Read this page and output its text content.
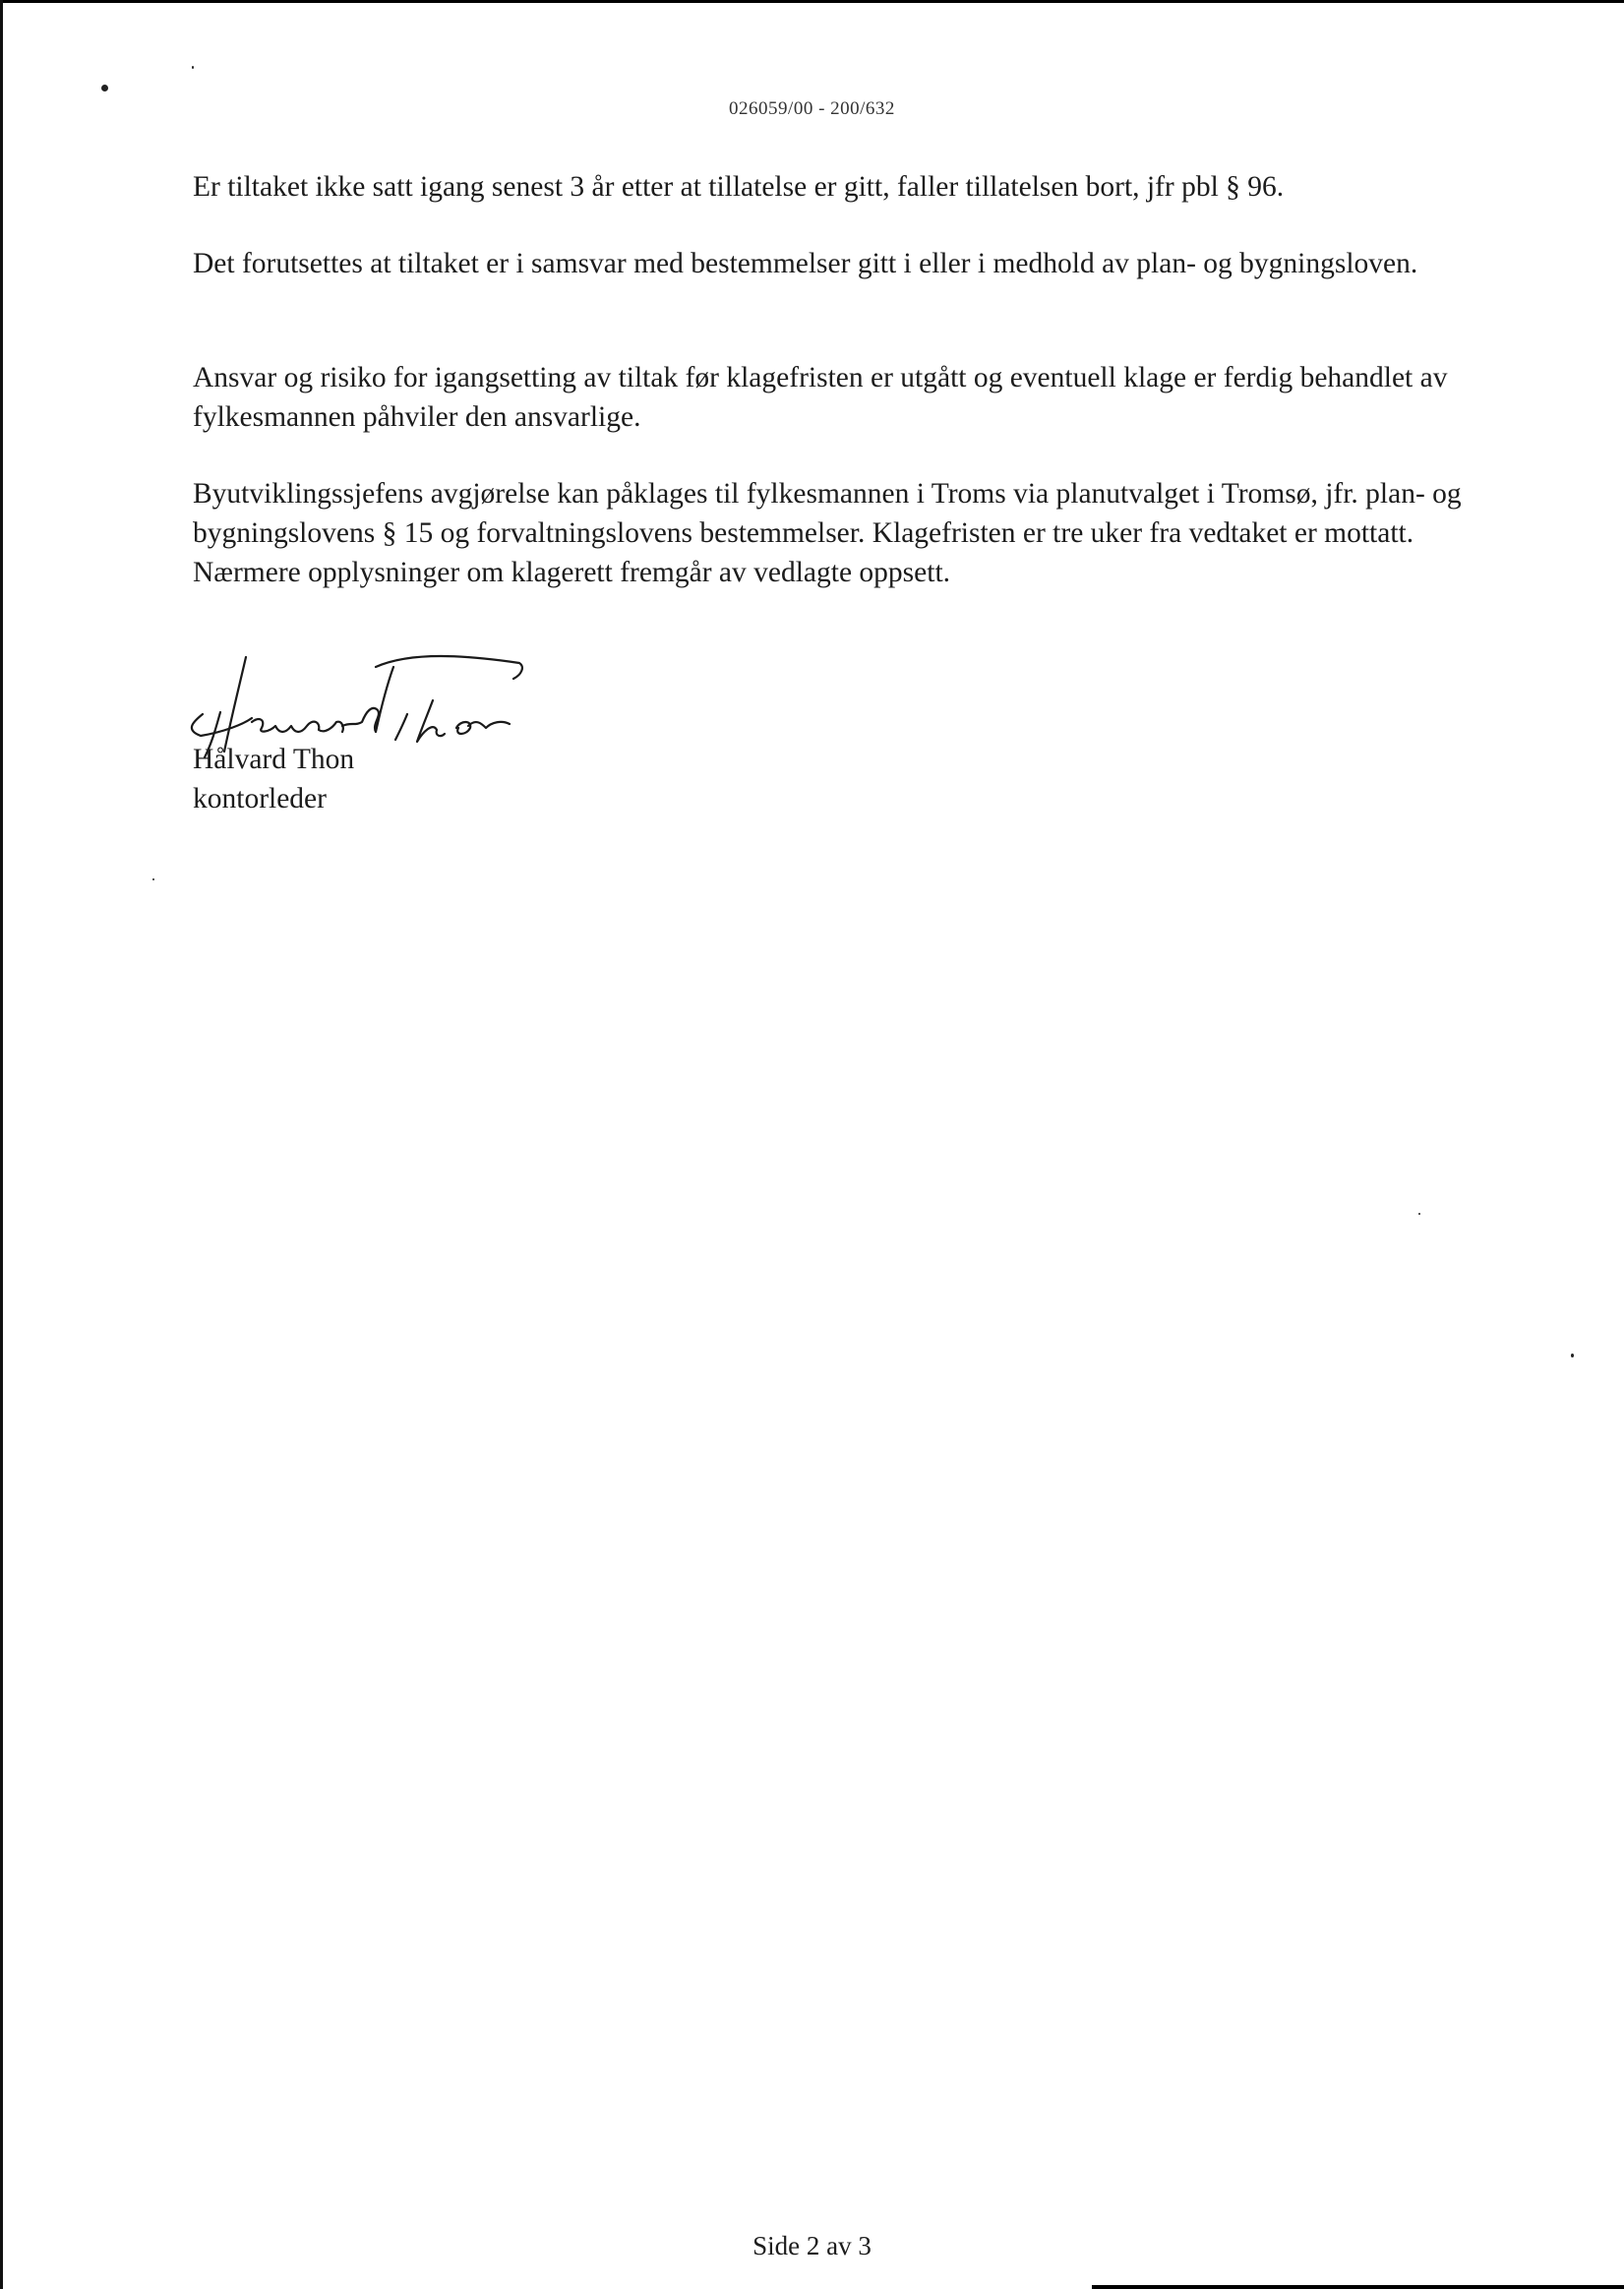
026059/00 - 200/632

Er tiltaket ikke satt igang senest 3 år etter at tillatelse er gitt, faller tillatelsen bort, jfr pbl § 96.

Det forutsettes at tiltaket er i samsvar med bestemmelser gitt i eller i medhold av plan- og bygningsloven.

Ansvar og risiko for igangsetting av tiltak før klagefristen er utgått og eventuell klage er ferdig behandlet av fylkesmannen påhviler den ansvarlige.

Byutviklingssjefens avgjørelse kan påklages til fylkesmannen i Troms via planutvalget i Tromsø, jfr. plan- og bygningslovens § 15 og forvaltningslovens bestemmelser. Klagefristen er tre uker fra vedtaket er mottatt. Nærmere opplysninger om klagerett fremgår av vedlagte oppsett.

Hålvard Thon
kontorleder
Side 2 av 3
